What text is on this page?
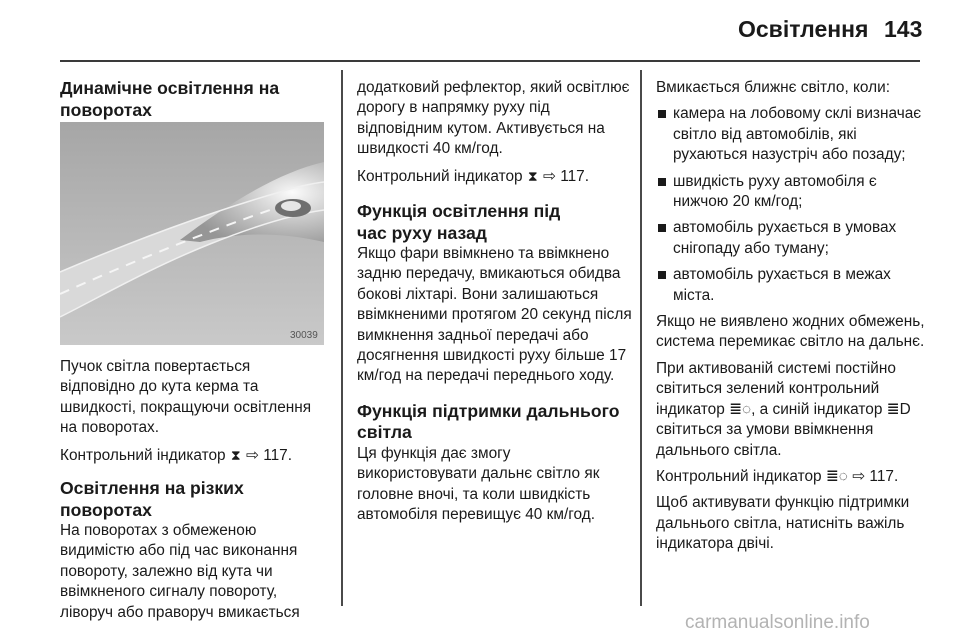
Освітлення 143
Динамічне освітлення на поворотах
30039

Пучок світла повертається відповідно до кута керма та швидкості, покращуючи освітлення на поворотах.

Контрольний індикатор ⧗ ⇨ 117.

Освітлення на різких поворотах

На поворотах з обмеженою видимістю або під час виконання повороту, залежно від кута чи ввімкненого сигналу повороту, ліворуч або праворуч вмикається

додатковий рефлектор, який освітлює дорогу в напрямку руху під відповідним кутом. Активується на швидкості 40 км/год.

Контрольний індикатор ⧗ ⇨ 117.

Функція освітлення під час руху назад

Якщо фари ввімкнено та ввімкнено задню передачу, вмикаються обидва бокові ліхтарі. Вони залишаються ввімкненими протягом 20 секунд після вимкнення задньої передачі або досягнення швидкості руху більше 17 км/год на передачі переднього ходу.

Функція підтримки дальнього світла

Ця функція дає змогу використовувати дальнє світло як головне вночі, та коли швидкість автомобіля перевищує 40 км/год.

Вмикається ближнє світло, коли:

камера на лобовому склі визначає світло від автомобілів, які рухаються назустріч або позаду;
швидкість руху автомобіля є нижчою 20 км/год;
автомобіль рухається в умовах снігопаду або туману;
автомобіль рухається в межах міста.

Якщо не виявлено жодних обмежень, система перемикає світло на дальнє.

При активованій системі постійно світиться зелений контрольний індикатор ≣◌, а синій індикатор ≣D світиться за умови ввімкнення дальнього світла.

Контрольний індикатор ≣◌ ⇨ 117.

Щоб активувати функцію підтримки дальнього світла, натисніть важіль індикатора двічі.

carmanualsonline.info
